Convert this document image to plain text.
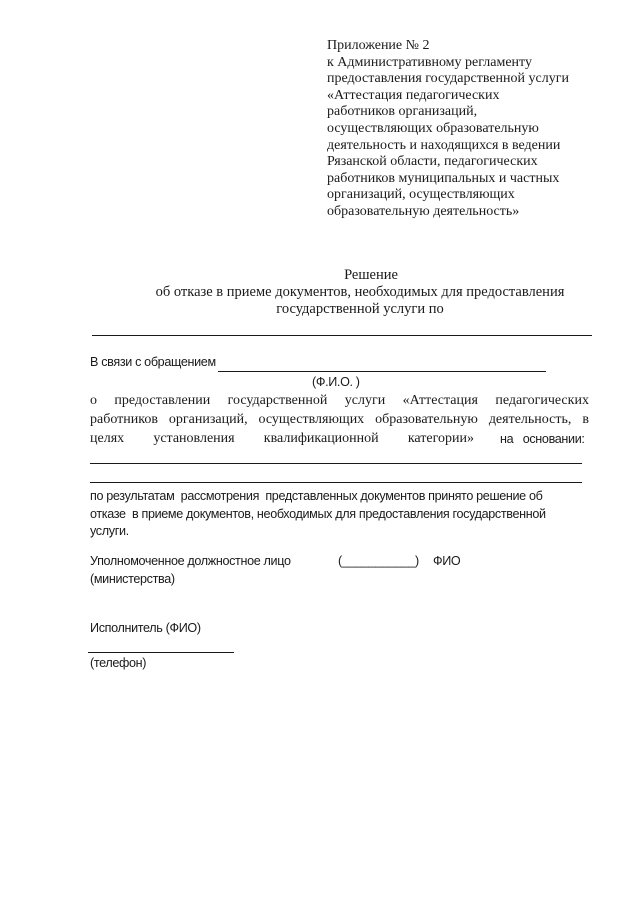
Приложение № 2
к Административному регламенту
предоставления государственной услуги
«Аттестация педагогических
работников организаций,
осуществляющих образовательную
деятельность и находящихся в ведении
Рязанской области, педагогических
работников муниципальных и частных
организаций, осуществляющих
образовательную деятельность»
Решение
об отказе в приеме документов, необходимых для предоставления
государственной услуги по
В связи с обращением
(Ф.И.О. )
о предоставлении государственной услуги «Аттестация педагогических
работников организаций, осуществляющих образовательную деятельность, в
целях установления квалификационной категории» на   основании:
по результатам  рассмотрения  представленных документов принято решение об
отказе  в приеме документов, необходимых для предоставления государственной
услуги.
Уполномоченное должностное лицо
(министерства)
(___________) ФИО
Исполнитель (ФИО)
(телефон)
